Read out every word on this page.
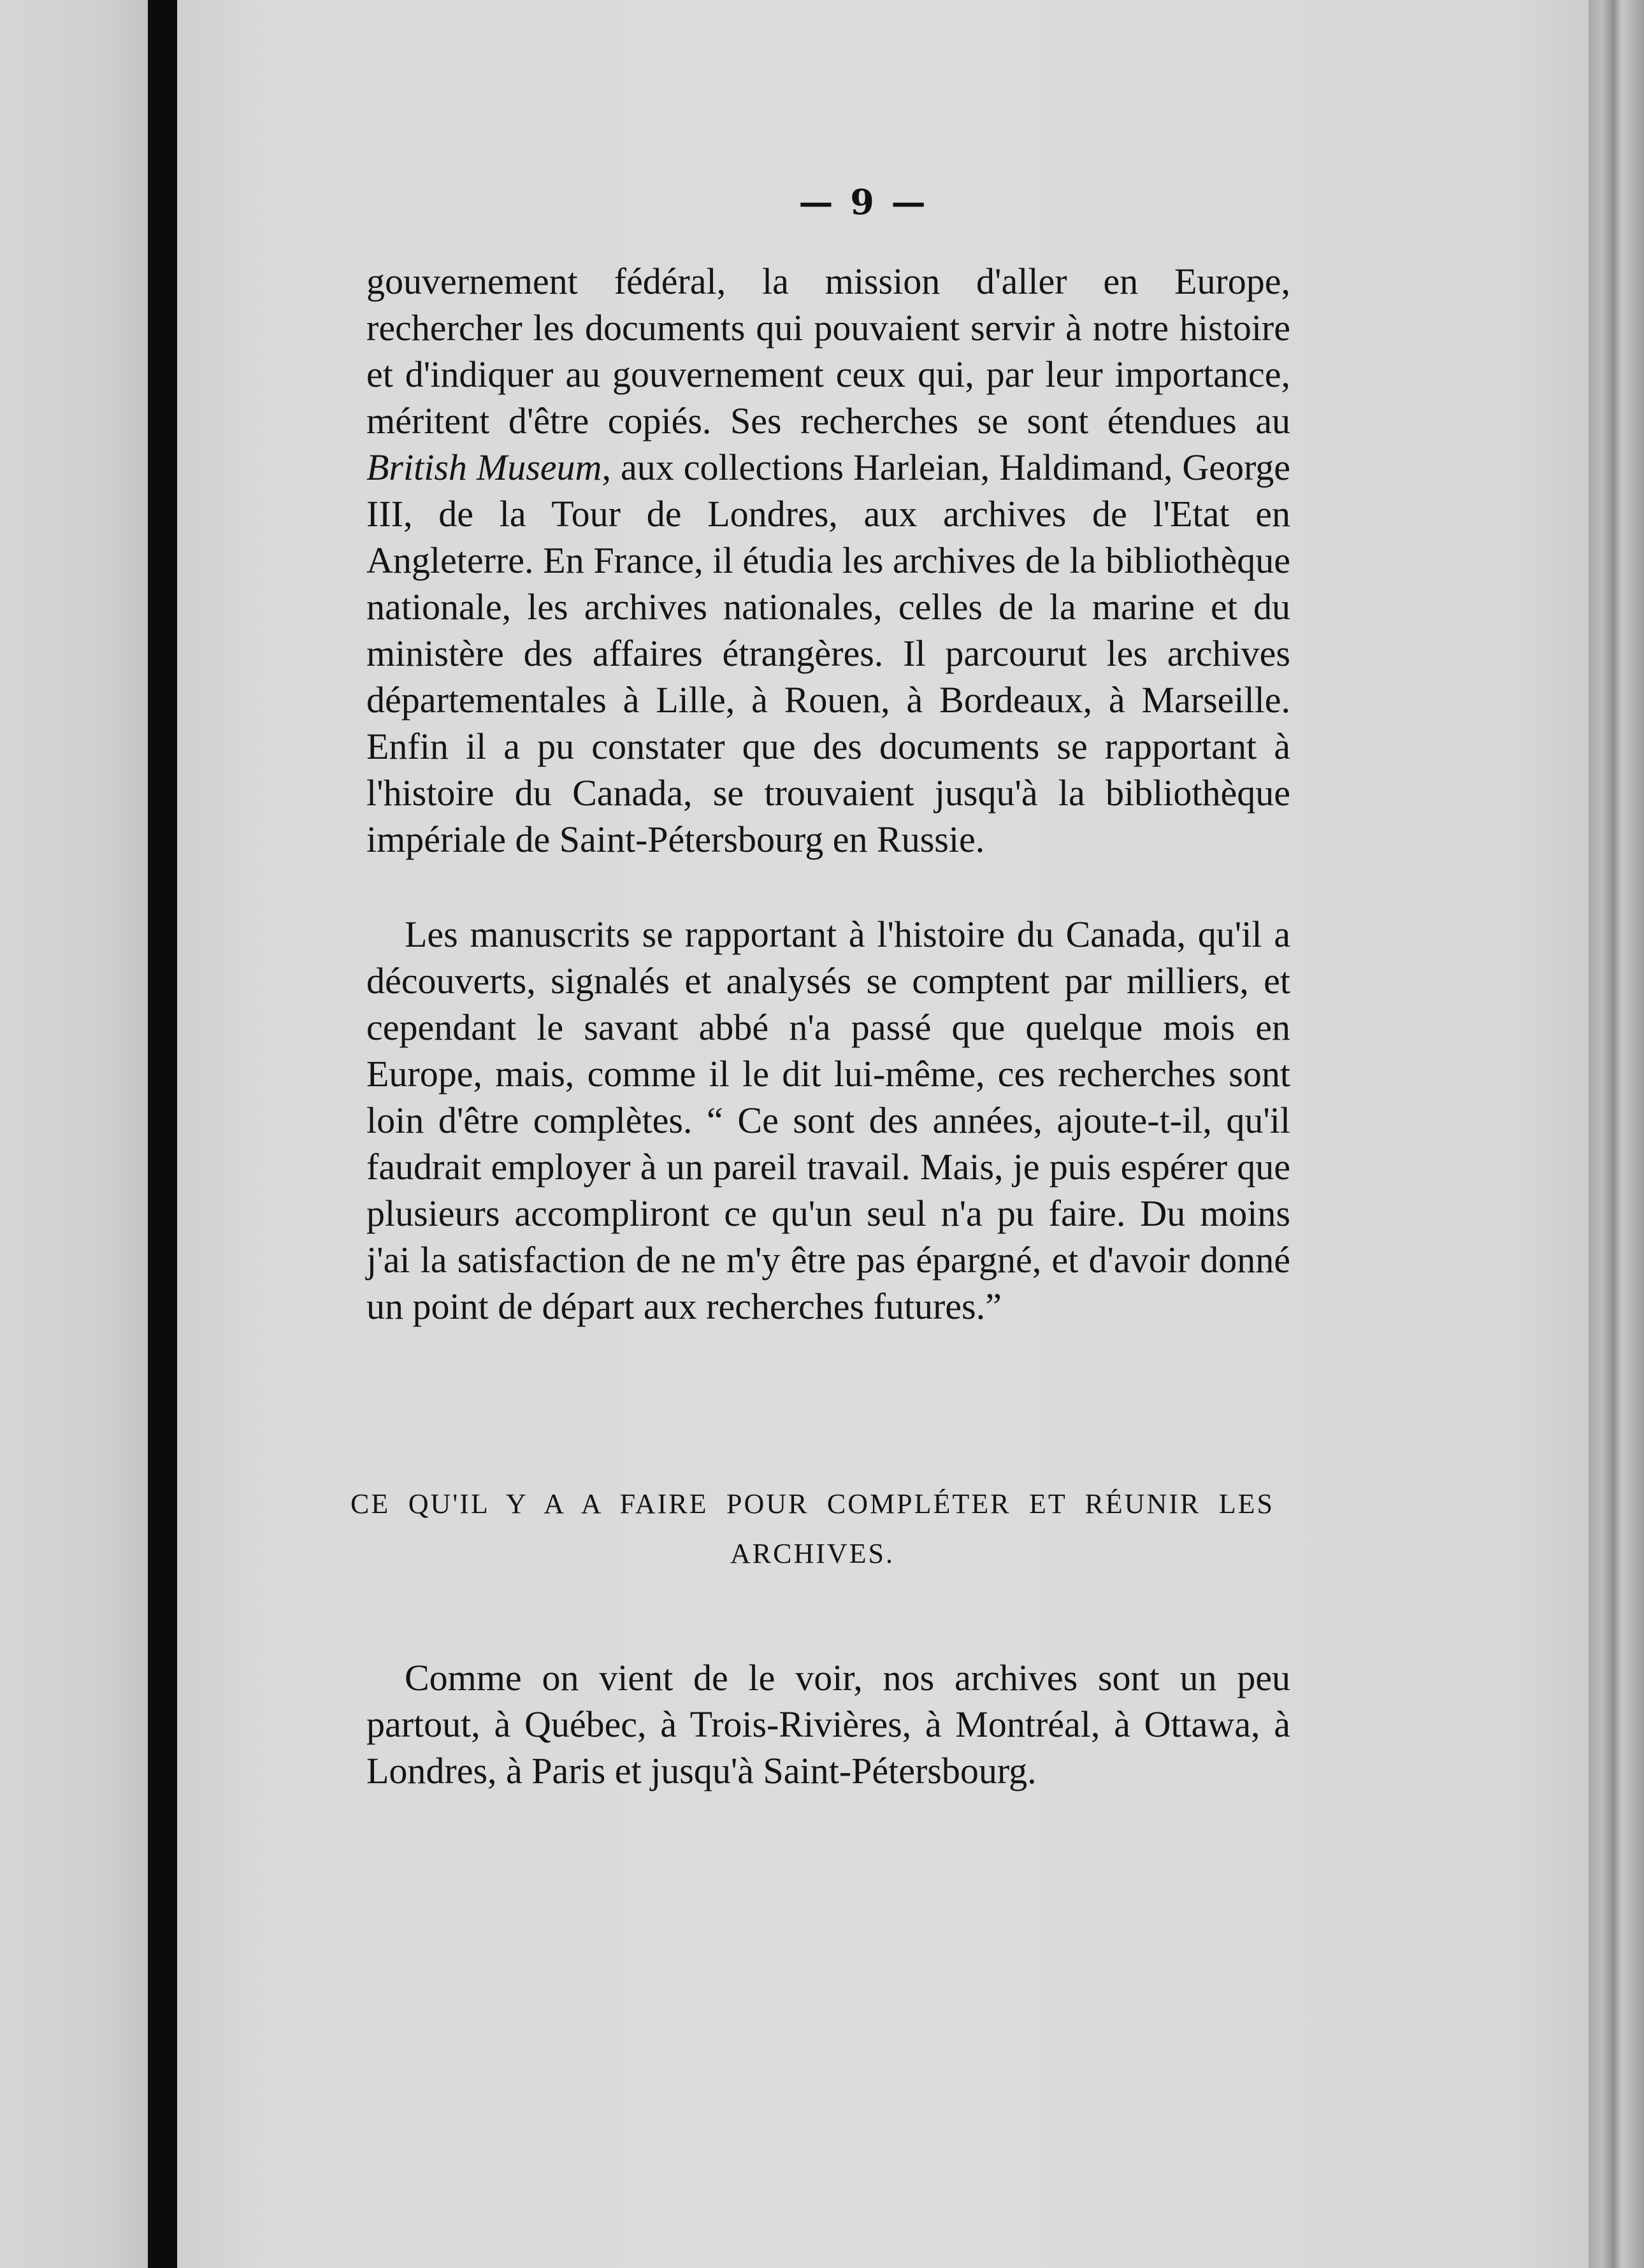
— 9 —

gouvernement fédéral, la mission d'aller en Europe, rechercher les documents qui pouvaient servir à notre histoire et d'indiquer au gouvernement ceux qui, par leur importance, méritent d'être copiés. Ses recherches se sont étendues au British Museum, aux collections Harleian, Haldimand, George III, de la Tour de Londres, aux archives de l'Etat en Angleterre. En France, il étudia les archives de la bibliothèque nationale, les archives nationales, celles de la marine et du ministère des affaires étrangères. Il parcourut les archives départementales à Lille, à Rouen, à Bordeaux, à Marseille. Enfin il a pu constater que des documents se rapportant à l'histoire du Canada, se trouvaient jusqu'à la bibliothèque impériale de Saint-Pétersbourg en Russie.

Les manuscrits se rapportant à l'histoire du Canada, qu'il a découverts, signalés et analysés se comptent par milliers, et cependant le savant abbé n'a passé que quelque mois en Europe, mais, comme il le dit lui-même, ces recherches sont loin d'être complètes. “ Ce sont des années, ajoute-t-il, qu'il faudrait employer à un pareil travail. Mais, je puis espérer que plusieurs accompliront ce qu'un seul n'a pu faire. Du moins j'ai la satisfaction de ne m'y être pas épargné, et d'avoir donné un point de départ aux recherches futures.”

CE QU'IL Y A A FAIRE POUR COMPLÉTER ET RÉUNIR LES
ARCHIVES.

Comme on vient de le voir, nos archives sont un peu partout, à Québec, à Trois-Rivières, à Montréal, à Ottawa, à Londres, à Paris et jusqu'à Saint-Pétersbourg.
